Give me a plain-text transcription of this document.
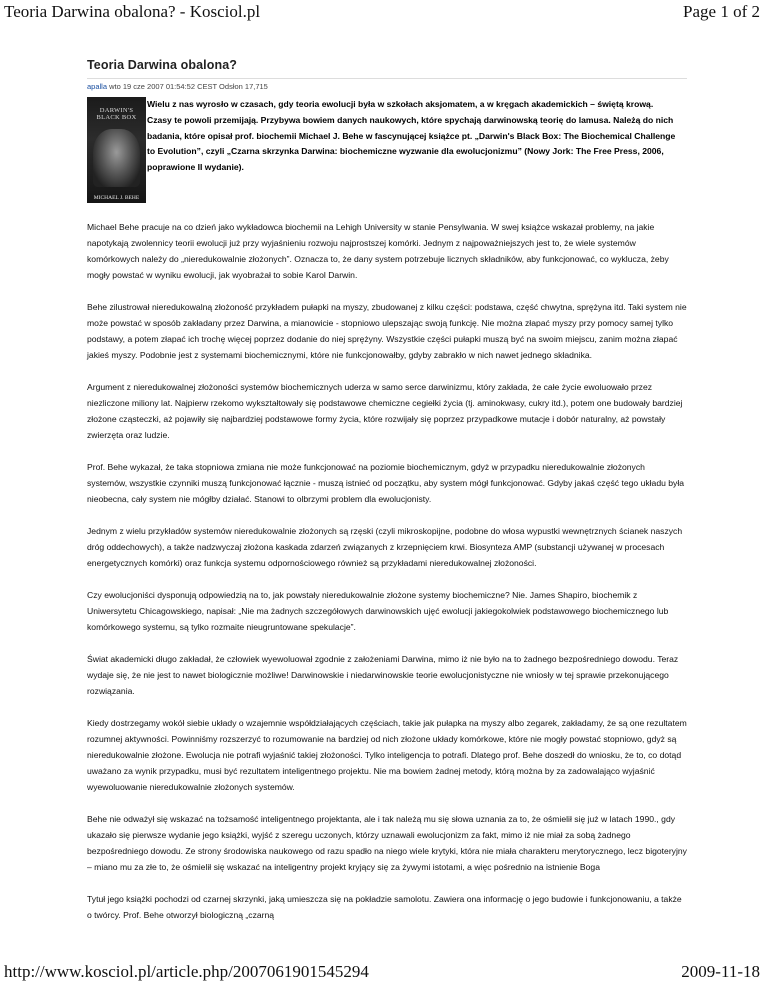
Teoria Darwina obalona? - Kosciol.pl	Page 1 of 2
Teoria Darwina obalona?
apalla wto 19 cze 2007 01:54:52 CEST Odsłon 17,715
DARWIN'S BLACK BOX
MICHAEL J. BEHE

Wielu z nas wyrosło w czasach, gdy teoria ewolucji była w szkołach aksjomatem, a w kręgach akademickich – świętą krową. Czasy te powoli przemijają. Przybywa bowiem danych naukowych, które spychają darwinowską teorię do lamusa. Należą do nich badania, które opisał prof. biochemii Michael J. Behe w fascynującej książce pt. „Darwin's Black Box: The Biochemical Challenge to Evolution”, czyli „Czarna skrzynka Darwina: biochemiczne wyzwanie dla ewolucjonizmu” (Nowy Jork: The Free Press, 2006, poprawione II wydanie).

Michael Behe pracuje na co dzień jako wykładowca biochemii na Lehigh University w stanie Pensylwania. W swej książce wskazał problemy, na jakie napotykają zwolennicy teorii ewolucji już przy wyjaśnieniu rozwoju najprostszej komórki. Jednym z najpoważniejszych jest to, że wiele systemów komórkowych należy do „nieredukowalnie złożonych”. Oznacza to, że dany system potrzebuje licznych składników, aby funkcjonować, co wyklucza, żeby mogły powstać w wyniku ewolucji, jak wyobrażał to sobie Karol Darwin.

Behe zilustrował nieredukowalną złożoność przykładem pułapki na myszy, zbudowanej z kilku części: podstawa, część chwytna, sprężyna itd. Taki system nie może powstać w sposób zakładany przez Darwina, a mianowicie - stopniowo ulepszając swoją funkcję. Nie można złapać myszy przy pomocy samej tylko podstawy, a potem złapać ich trochę więcej poprzez dodanie do niej sprężyny. Wszystkie części pułapki muszą być na swoim miejscu, zanim można złapać jakieś myszy. Podobnie jest z systemami biochemicznymi, które nie funkcjonowałby, gdyby zabrakło w nich nawet jednego składnika.

Argument z nieredukowalnej złożoności systemów biochemicznych uderza w samo serce darwinizmu, który zakłada, że całe życie ewoluowało przez niezliczone miliony lat. Najpierw rzekomo wykształtowały się podstawowe chemiczne cegiełki życia (tj. aminokwasy, cukry itd.), potem one budowały bardziej złożone cząsteczki, aż pojawiły się najbardziej podstawowe formy życia, które rozwijały się poprzez przypadkowe mutacje i dobór naturalny, aż powstały zwierzęta oraz ludzie.

Prof. Behe wykazał, że taka stopniowa zmiana nie może funkcjonować na poziomie biochemicznym, gdyż w przypadku nieredukowalnie złożonych systemów, wszystkie czynniki muszą funkcjonować łącznie - muszą istnieć od początku, aby system mógł funkcjonować. Gdyby jakaś część tego układu była nieobecna, cały system nie mógłby działać. Stanowi to olbrzymi problem dla ewolucjonisty.

Jednym z wielu przykładów systemów nieredukowalnie złożonych są rzęski (czyli mikroskopijne, podobne do włosa wypustki wewnętrznych ścianek naszych dróg oddechowych), a także nadzwyczaj złożona kaskada zdarzeń związanych z krzepnięciem krwi. Biosynteza AMP (substancji używanej w procesach energetycznych komórki) oraz funkcja systemu odpornościowego również są przykładami nieredukowalnej złożoności.

Czy ewolucjoniści dysponują odpowiedzią na to, jak powstały nieredukowalnie złożone systemy biochemiczne? Nie. James Shapiro, biochemik z Uniwersytetu Chicagowskiego, napisał: „Nie ma żadnych szczegółowych darwinowskich ujęć ewolucji jakiegokolwiek podstawowego biochemicznego lub komórkowego systemu, są tylko rozmaite nieugruntowane spekulacje”.

Świat akademicki długo zakładał, że człowiek wyewoluował zgodnie z założeniami Darwina, mimo iż nie było na to żadnego bezpośredniego dowodu. Teraz wydaje się, że nie jest to nawet biologicznie możliwe! Darwinowskie i niedarwinowskie teorie ewolucjonistyczne nie wniosły w tej sprawie przekonującego rozwiązania.

Kiedy dostrzegamy wokół siebie układy o wzajemnie współdziałających częściach, takie jak pułapka na myszy albo zegarek, zakładamy, że są one rezultatem rozumnej aktywności. Powinniśmy rozszerzyć to rozumowanie na bardziej od nich złożone układy komórkowe, które nie mogły powstać stopniowo, gdyż są nieredukowalnie złożone. Ewolucja nie potrafi wyjaśnić takiej złożoności. Tylko inteligencja to potrafi. Dlatego prof. Behe doszedł do wniosku, że to, co dotąd uważano za wynik przypadku, musi być rezultatem inteligentnego projektu. Nie ma bowiem żadnej metody, którą można by za zadowalająco wyjaśnić wyewoluowanie nieredukowalnie złożonych systemów.

Behe nie odważył się wskazać na tożsamość inteligentnego projektanta, ale i tak należą mu się słowa uznania za to, że ośmielił się już w latach 1990., gdy ukazało się pierwsze wydanie jego książki, wyjść z szeregu uczonych, którzy uznawali ewolucjonizm za fakt, mimo iż nie miał za sobą żadnego bezpośredniego dowodu. Ze strony środowiska naukowego od razu spadło na niego wiele krytyki, która nie miała charakteru merytorycznego, lecz bigoteryjny – miano mu za złe to, że ośmielił się wskazać na inteligentny projekt kryjący się za żywymi istotami, a więc pośrednio na istnienie Boga

Tytuł jego książki pochodzi od czarnej skrzynki, jaką umieszcza się na pokładzie samolotu. Zawiera ona informację o jego budowie i funkcjonowaniu, a także o twórcy. Prof. Behe otworzył biologiczną „czarną

http://www.kosciol.pl/article.php/2007061901545294	2009-11-18
